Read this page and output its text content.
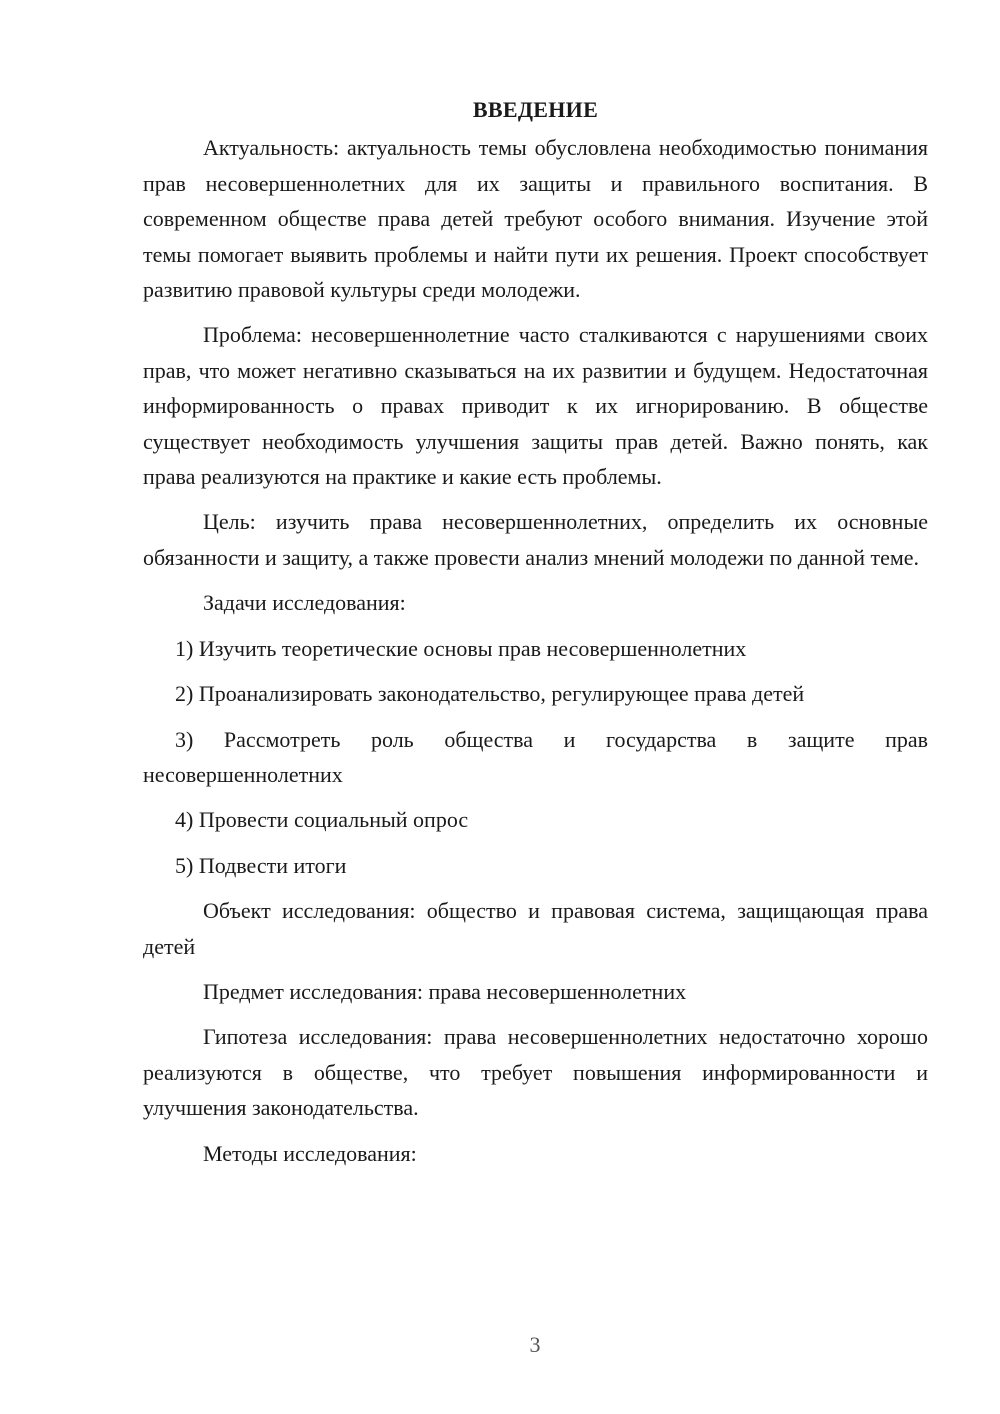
ВВЕДЕНИЕ

Актуальность: актуальность темы обусловлена необходимостью понимания прав несовершеннолетних для их защиты и правильного воспитания. В современном обществе права детей требуют особого внимания. Изучение этой темы помогает выявить проблемы и найти пути их решения. Проект способствует развитию правовой культуры среди молодежи.

Проблема: несовершеннолетние часто сталкиваются с нарушениями своих прав, что может негативно сказываться на их развитии и будущем. Недостаточная информированность о правах приводит к их игнорированию. В обществе существует необходимость улучшения защиты прав детей. Важно понять, как права реализуются на практике и какие есть проблемы.

Цель: изучить права несовершеннолетних, определить их основные обязанности и защиту, а также провести анализ мнений молодежи по данной теме.

Задачи исследования:

1) Изучить теоретические основы прав несовершеннолетних

2) Проанализировать законодательство, регулирующее права детей

3) Рассмотреть роль общества и государства в защите прав несовершеннолетних

4) Провести социальный опрос

5) Подвести итоги

Объект исследования: общество и правовая система, защищающая права детей

Предмет исследования: права несовершеннолетних

Гипотеза исследования: права несовершеннолетних недостаточно хорошо реализуются в обществе, что требует повышения информированности и улучшения законодательства.

Методы исследования:

3
